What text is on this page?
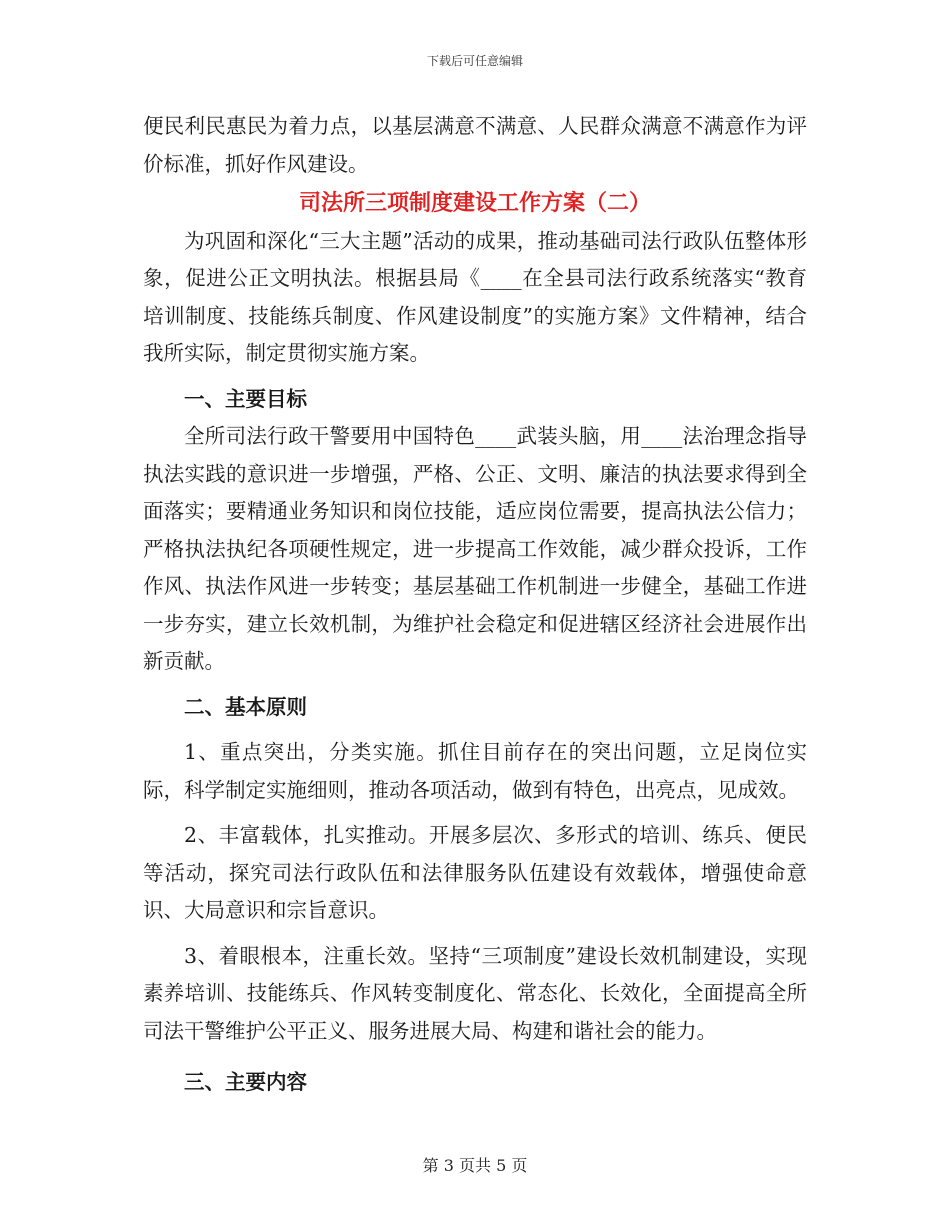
下载后可任意编辑

便民利民惠民为着力点，以基层满意不满意、人民群众满意不满意作为评价标准，抓好作风建设。

司法所三项制度建设工作方案（二）

为巩固和深化“三大主题”活动的成果，推动基础司法行政队伍整体形象，促进公正文明执法。根据县局《____在全县司法行政系统落实“教育培训制度、技能练兵制度、作风建设制度”的实施方案》文件精神，结合我所实际，制定贯彻实施方案。

一、主要目标

全所司法行政干警要用中国特色____武装头脑，用____法治理念指导执法实践的意识进一步增强，严格、公正、文明、廉洁的执法要求得到全面落实；要精通业务知识和岗位技能，适应岗位需要，提高执法公信力；严格执法执纪各项硬性规定，进一步提高工作效能，减少群众投诉，工作作风、执法作风进一步转变；基层基础工作机制进一步健全，基础工作进一步夯实，建立长效机制，为维护社会稳定和促进辖区经济社会进展作出新贡献。

二、基本原则

1、重点突出，分类实施。抓住目前存在的突出问题，立足岗位实际，科学制定实施细则，推动各项活动，做到有特色，出亮点，见成效。

2、丰富载体，扎实推动。开展多层次、多形式的培训、练兵、便民等活动，探究司法行政队伍和法律服务队伍建设有效载体，增强使命意识、大局意识和宗旨意识。

3、着眼根本，注重长效。坚持“三项制度”建设长效机制建设，实现素养培训、技能练兵、作风转变制度化、常态化、长效化，全面提高全所司法干警维护公平正义、服务进展大局、构建和谐社会的能力。

三、主要内容

第 3 页共 5 页
